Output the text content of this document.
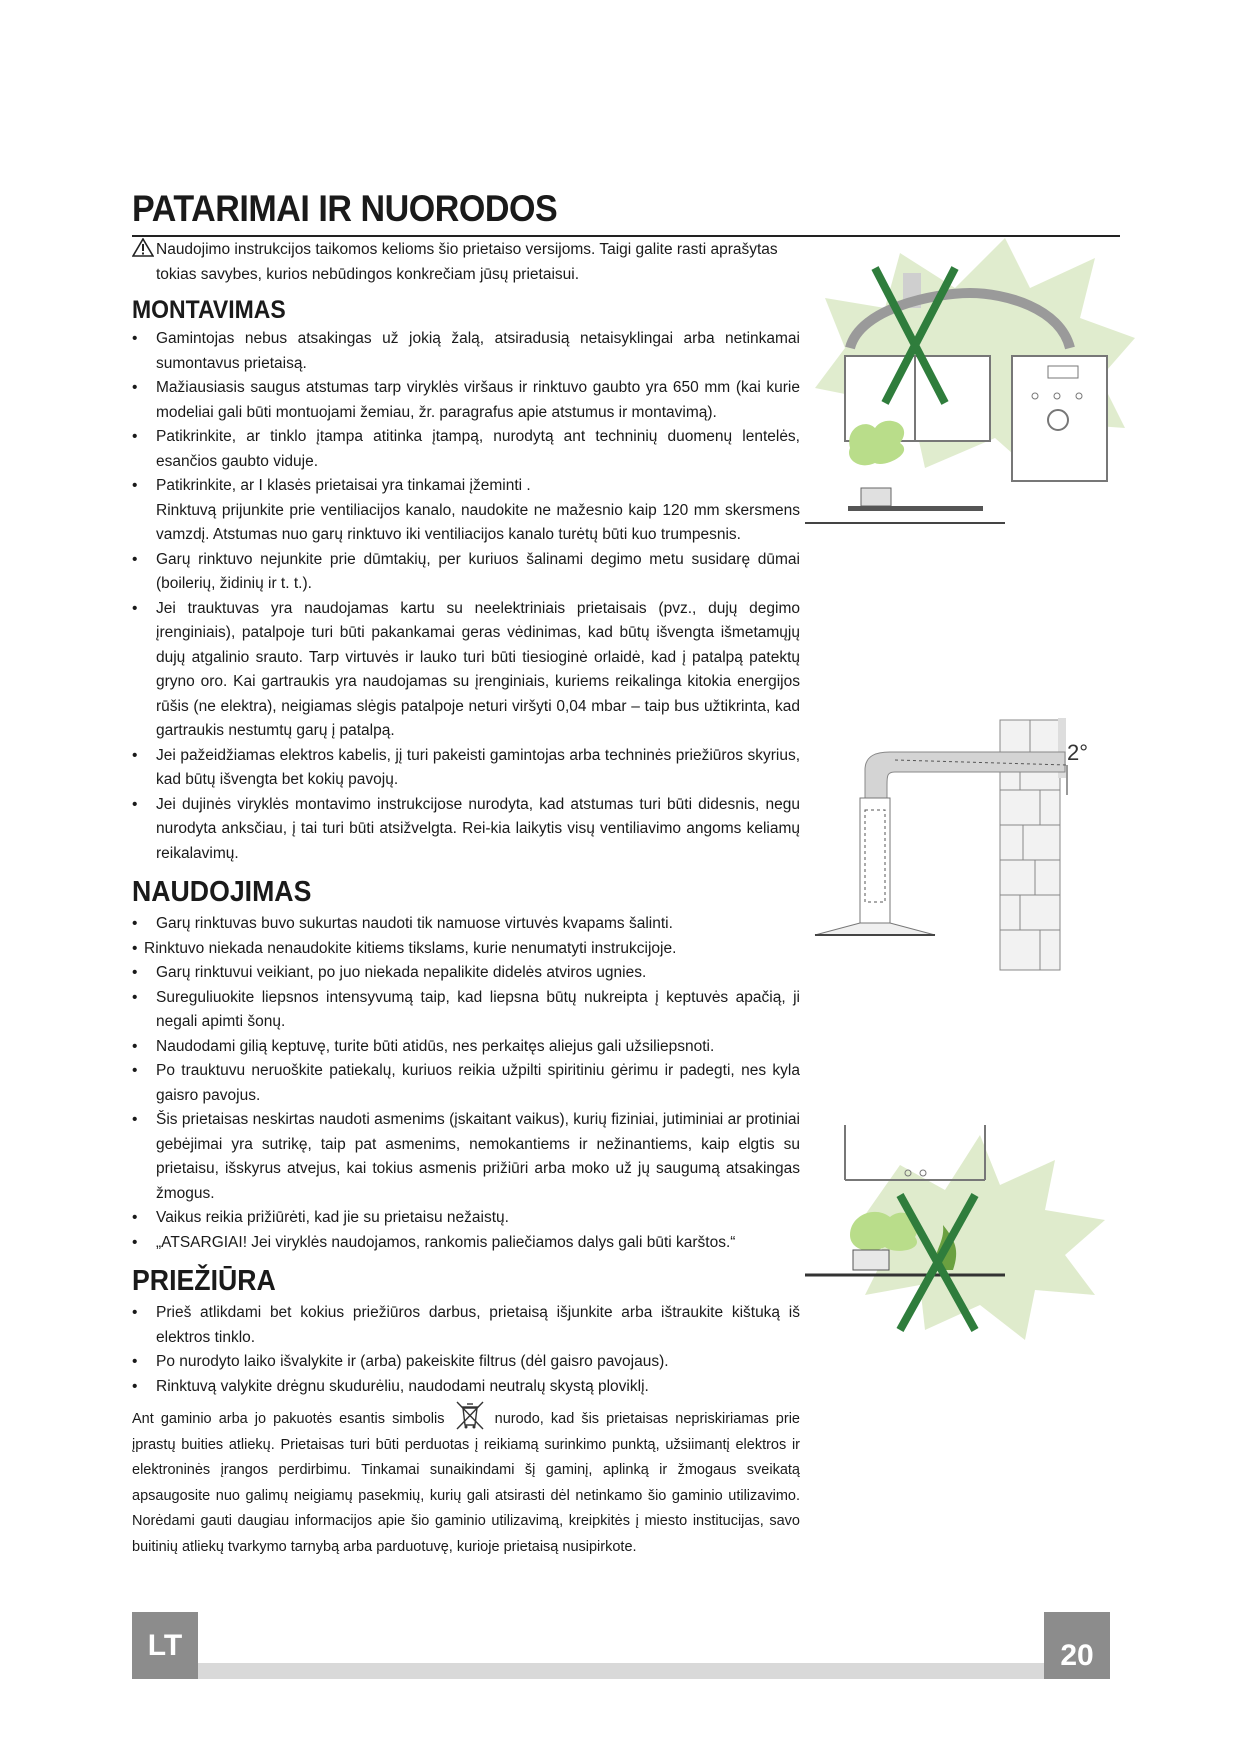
PATARIMAI IR NUORODOS

Naudojimo instrukcijos taikomos kelioms šio prietaiso versijoms. Taigi galite rasti aprašytas tokias savybes, kurios nebūdingos konkrečiam jūsų prietaisui.

MONTAVIMAS
• Gamintojas nebus atsakingas už jokią žalą, atsiradusią netaisyklingai arba netinkamai sumontavus prietaisą.
• Mažiausiasis saugus atstumas tarp viryklės viršaus ir rinktuvo gaubto yra 650 mm (kai kurie modeliai gali būti montuojami žemiau, žr. paragrafus apie atstumus ir montavimą).
• Patikrinkite, ar tinklo įtampa atitinka įtampą, nurodytą ant techninių duomenų lentelės, esančios gaubto viduje.
• Patikrinkite, ar I klasės prietaisai yra tinkamai įžeminti .
Rinktuvą prijunkite prie ventiliacijos kanalo, naudokite ne mažesnio kaip 120 mm skersmens vamzdį. Atstumas nuo garų rinktuvo iki ventiliacijos kanalo turėtų būti kuo trumpesnis.
• Garų rinktuvo nejunkite prie dūmtakių, per kuriuos šalinami degimo metu susidarę dūmai (boilerių, židinių ir t. t.).
• Jei trauktuvas yra naudojamas kartu su neelektriniais prietaisais (pvz., dujų degimo įrenginiais), patalpoje turi būti pakankamai geras vėdinimas, kad būtų išvengta išmetamųjų dujų atgalinio srauto. Tarp virtuvės ir lauko turi būti tiesioginė orlaidė, kad į patalpą patektų gryno oro. Kai gartraukis yra naudojamas su įrenginiais, kuriems reikalinga kitokia energijos rūšis (ne elektra), neigiamas slėgis patalpoje neturi viršyti 0,04 mbar – taip bus užtikrinta, kad gartraukis nestumtų garų į patalpą.
• Jei pažeidžiamas elektros kabelis, jį turi pakeisti gamintojas arba techninės priežiūros skyrius, kad būtų išvengta bet kokių pavojų.
• Jei dujinės viryklės montavimo instrukcijose nurodyta, kad atstumas turi būti didesnis, negu nurodyta anksčiau, į tai turi būti atsižvelgta. Rei-kia laikytis visų ventiliavimo angoms keliamų reikalavimų.
NAUDOJIMAS
• Garų rinktuvas buvo sukurtas naudoti tik namuose virtuvės kvapams šalinti.
• Rinktuvo niekada nenaudokite kitiems tikslams, kurie nenumatyti instrukcijoje.
• Garų rinktuvui veikiant, po juo niekada nepalikite didelės atviros ugnies.
• Sureguliuokite liepsnos intensyvumą taip, kad liepsna būtų nukreipta į keptuvės apačią, ji negali apimti šonų.
• Naudodami gilią keptuvę, turite būti atidūs, nes perkaitęs aliejus gali užsiliepsnoti.
• Po trauktuvu neruoškite patiekalų, kuriuos reikia užpilti spiritiniu gėrimu ir padegti, nes kyla gaisro pavojus.
• Šis prietaisas neskirtas naudoti asmenims (įskaitant vaikus), kurių fiziniai, jutiminiai ar protiniai gebėjimai yra sutrikę, taip pat asmenims, nemokantiems ir nežinantiems, kaip elgtis su prietaisu, išskyrus atvejus, kai tokius asmenis prižiūri arba moko už jų saugumą atsakingas žmogus.
• Vaikus reikia prižiūrėti, kad jie su prietaisu nežaistų.
• „ATSARGIAI! Jei viryklės naudojamos, rankomis paliečiamos dalys gali būti karštos.“
PRIEŽIŪRA
• Prieš atlikdami bet kokius priežiūros darbus, prietaisą išjunkite arba ištraukite kištuką iš elektros tinklo.
• Po nurodyto laiko išvalykite ir (arba) pakeiskite filtrus (dėl gaisro pavojaus).
• Rinktuvą valykite drėgnu skudurėliu, naudodami neutralų skystą ploviklį.

Ant gaminio arba jo pakuotės esantis simbolis	nurodo, kad šis prietaisas nepriskiriamas prie įprastų buities atliekų. Prietaisas turi būti perduotas į reikiamą surinkimo punktą, užsiimantį elektros ir elektroninės įrangos perdirbimu. Tinkamai sunaikindami šį gaminį, aplinką ir žmogaus sveikatą apsaugosite nuo galimų neigiamų pasekmių, kurių gali atsirasti dėl netinkamo šio gaminio utilizavimo. Norėdami gauti daugiau informacijos apie šio gaminio utilizavimą, kreipkitės į miesto institucijas, savo buitinių atliekų tvarkymo tarnybą arba parduotuvę, kurioje prietaisą nusipirkote.

2°
LT	20
